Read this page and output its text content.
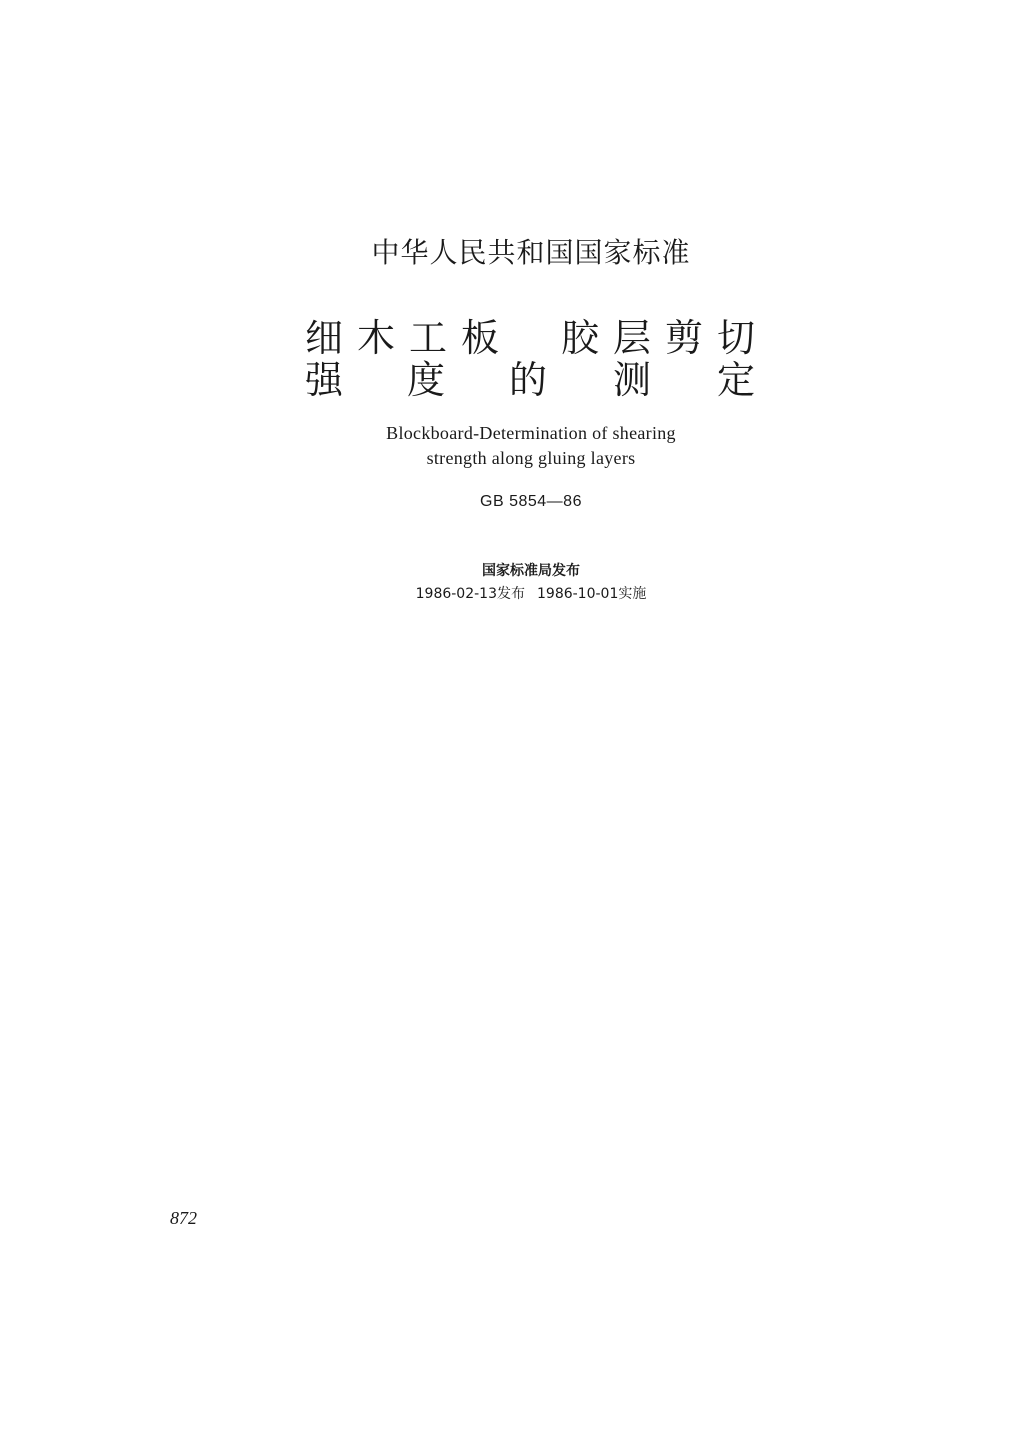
中华人民共和国国家标准
细 木 工 板 胶 层 剪 切
强 度 的 测 定
Blockboard-Determination of shearing
strength along gluing layers
GB 5854—86
国家标准局发布
1986-02-13发布 1986-10-01实施
872
